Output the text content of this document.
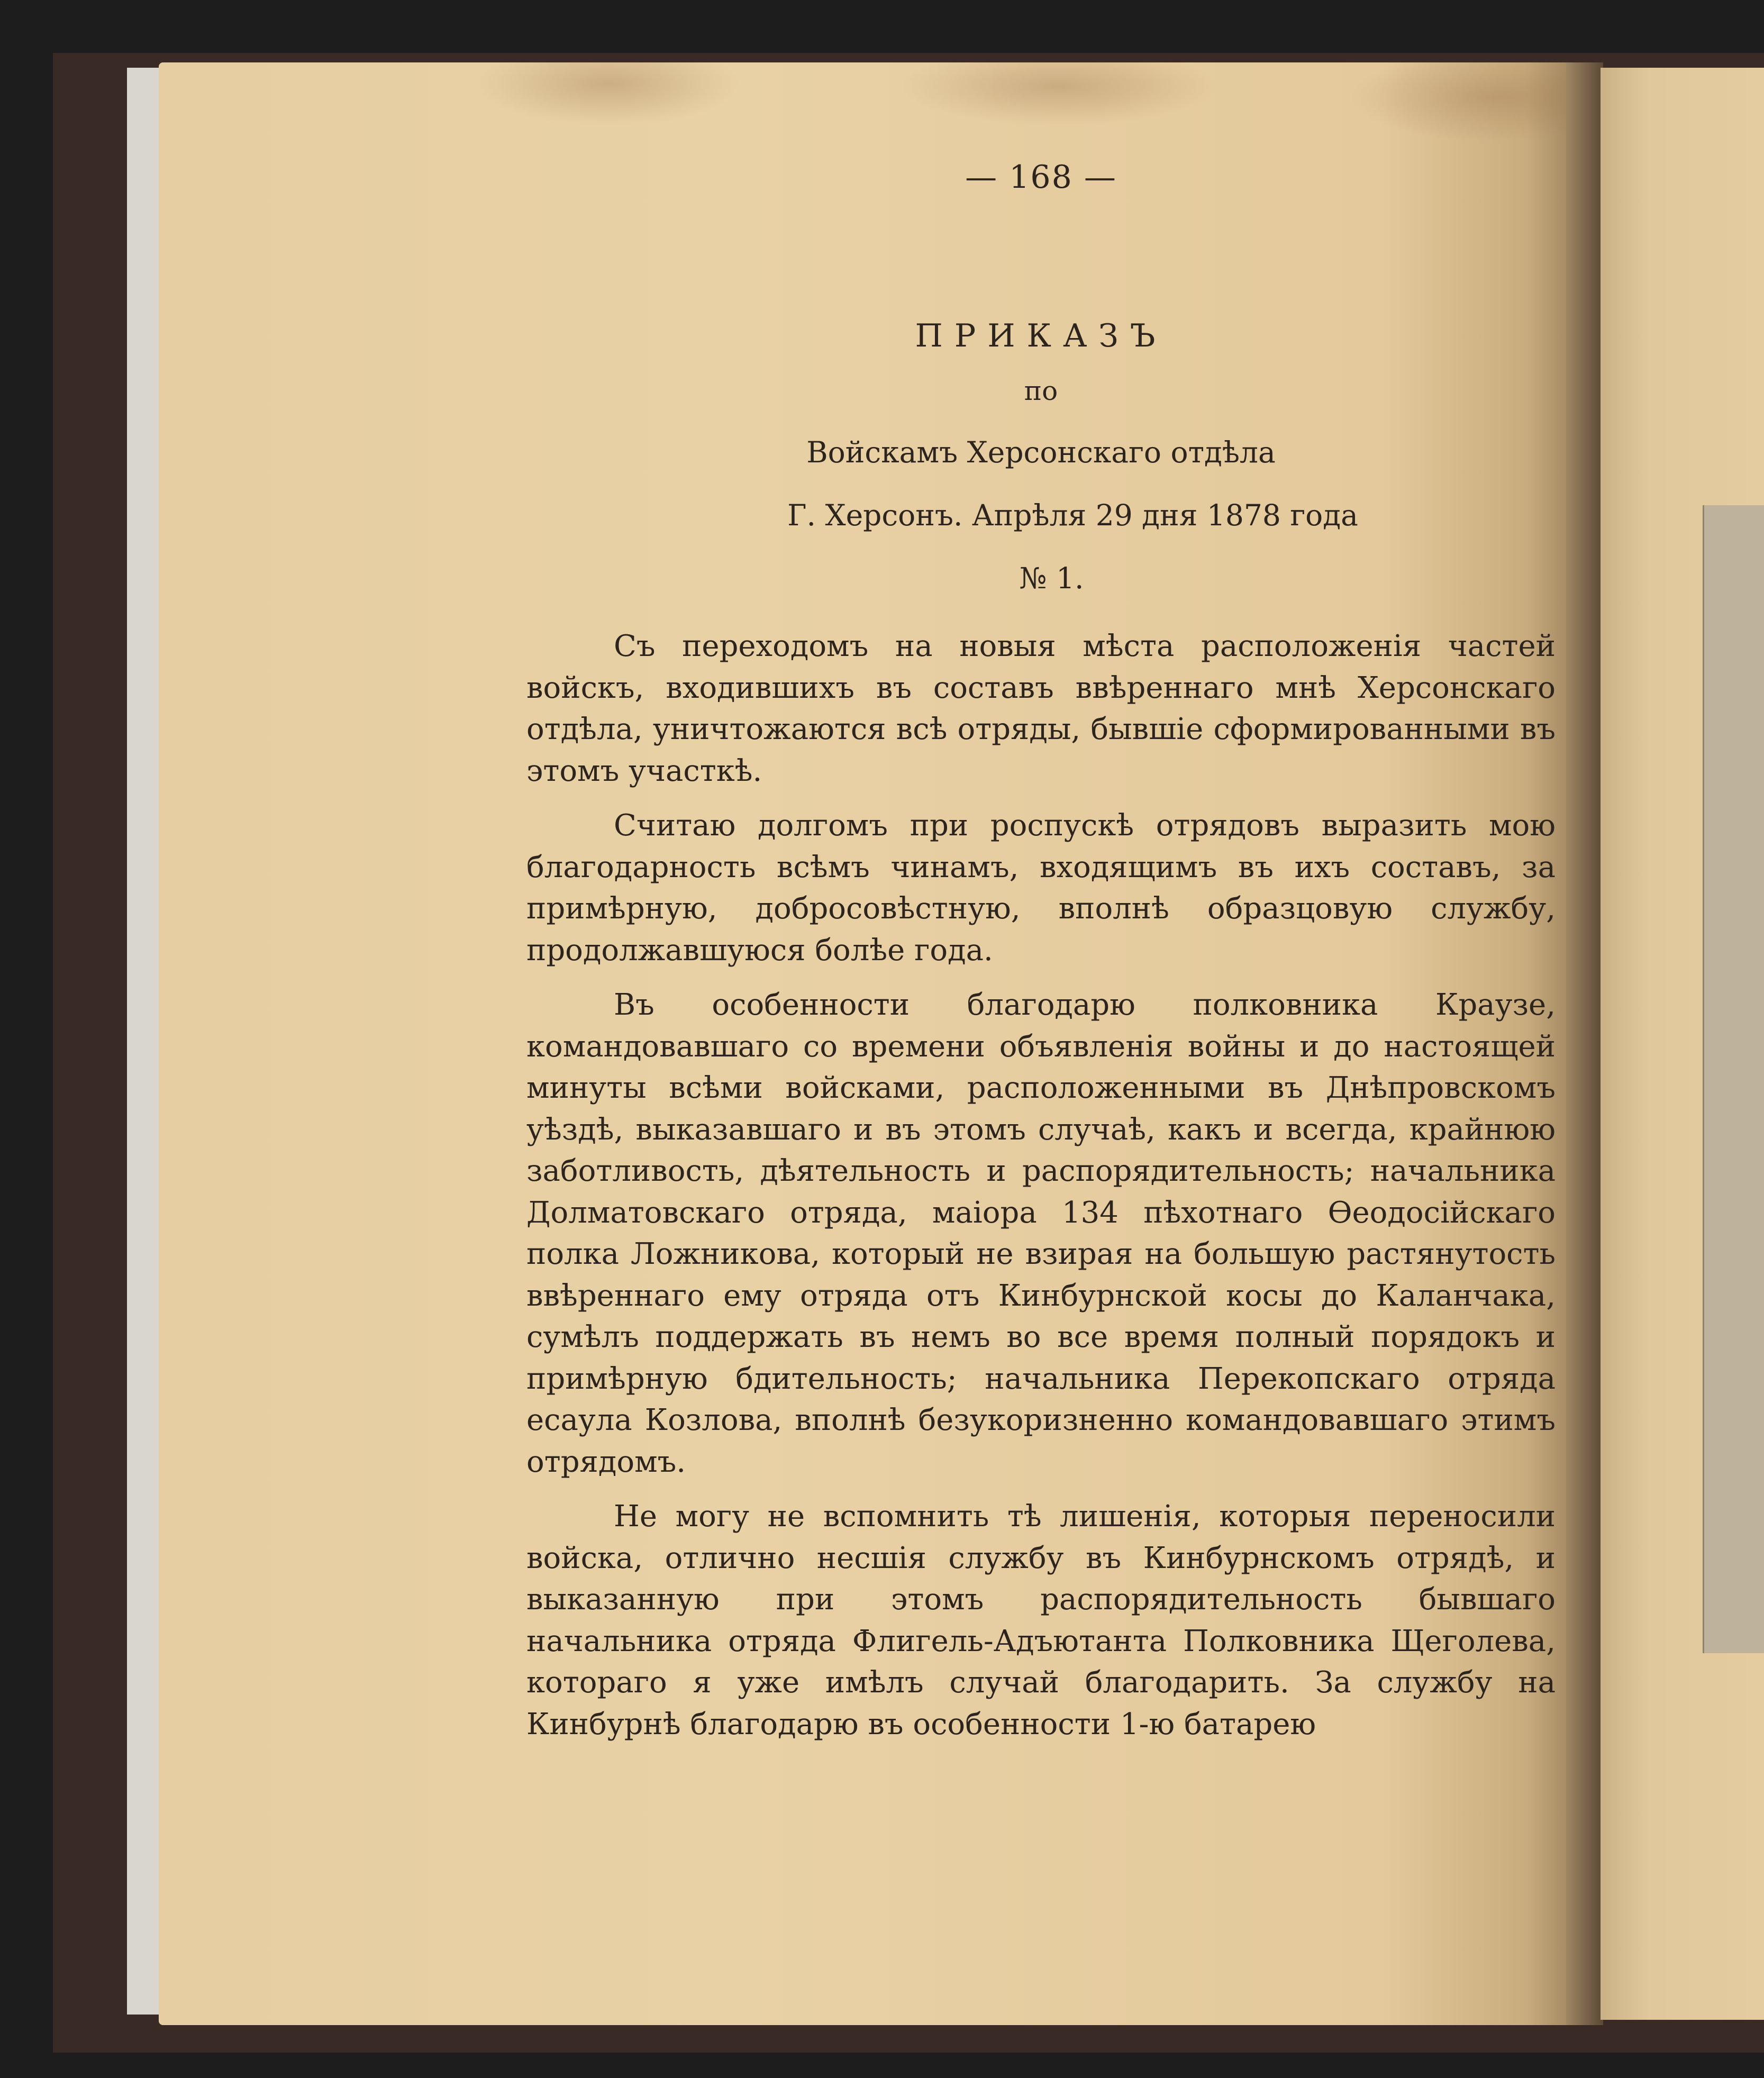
— 168 —
ПРИКАЗЪ
по
Войскамъ Херсонскаго отдѣла
Г. Херсонъ. Апрѣля 29 дня 1878 года
№ 1.

Съ переходомъ на новыя мѣста расположенія частей войскъ, входившихъ въ составъ ввѣреннаго мнѣ Херсонскаго отдѣла, уничтожаются всѣ отряды, бывшіе сформированными въ этомъ участкѣ.

Считаю долгомъ при роспускѣ отрядовъ выразить мою благодарность всѣмъ чинамъ, входящимъ въ ихъ составъ, за примѣрную, добросовѣстную, вполнѣ образцовую службу, продолжавшуюся болѣе года.

Въ особенности благодарю полковника Краузе, командовавшаго со времени объявленія войны и до настоящей минуты всѣми войсками, расположенными въ Днѣпровскомъ уѣздѣ, выказавшаго и въ этомъ случаѣ, какъ и всегда, крайнюю заботливость, дѣятельность и распорядительность; начальника Долматовскаго отряда, маіора 134 пѣхотнаго Ѳеодосійскаго полка Ложникова, который не взирая на большую растянутость ввѣреннаго ему отряда отъ Кинбурнской косы до Каланчака, сумѣлъ поддержать въ немъ во все время полный порядокъ и примѣрную бдительность; начальника Перекопскаго отряда есаула Козлова, вполнѣ безукоризненно командовавшаго этимъ отрядомъ.

Не могу не вспомнить тѣ лишенія, которыя переносили войска, отлично несшія службу въ Кинбурнскомъ отрядѣ, и выказанную при этомъ распорядительность бывшаго начальника отряда Флигель-Адъютанта Полковника Щеголева, котораго я уже имѣлъ случай благодарить. За службу на Кинбурнѣ благодарю въ особенности 1-ю батарею
